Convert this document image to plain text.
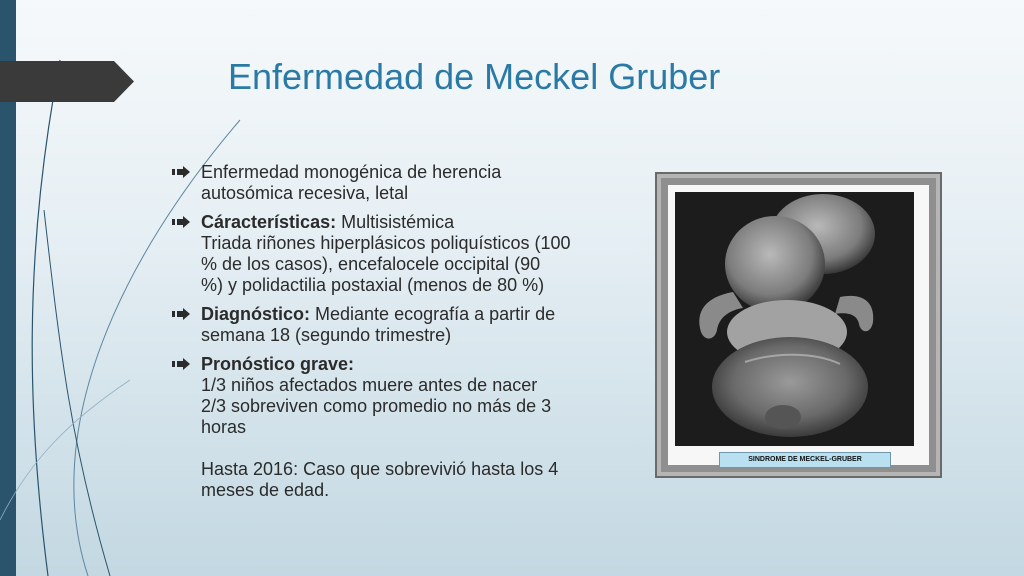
Enfermedad de Meckel Gruber
Enfermedad monogénica de herencia
autosómica recesiva, letal
Cáracterísticas: Multisistémica
Triada riñones hiperplásicos poliquísticos (100
% de los casos), encefalocele occipital (90
%) y polidactilia postaxial (menos de 80 %)
Diagnóstico: Mediante ecografía a partir de
semana 18 (segundo trimestre)
Pronóstico grave:
1/3 niños afectados muere antes de nacer
2/3 sobreviven como promedio no más de 3
horas
Hasta 2016: Caso que sobrevivió hasta los 4
meses de edad.
SINDROME DE MECKEL-GRUBER
